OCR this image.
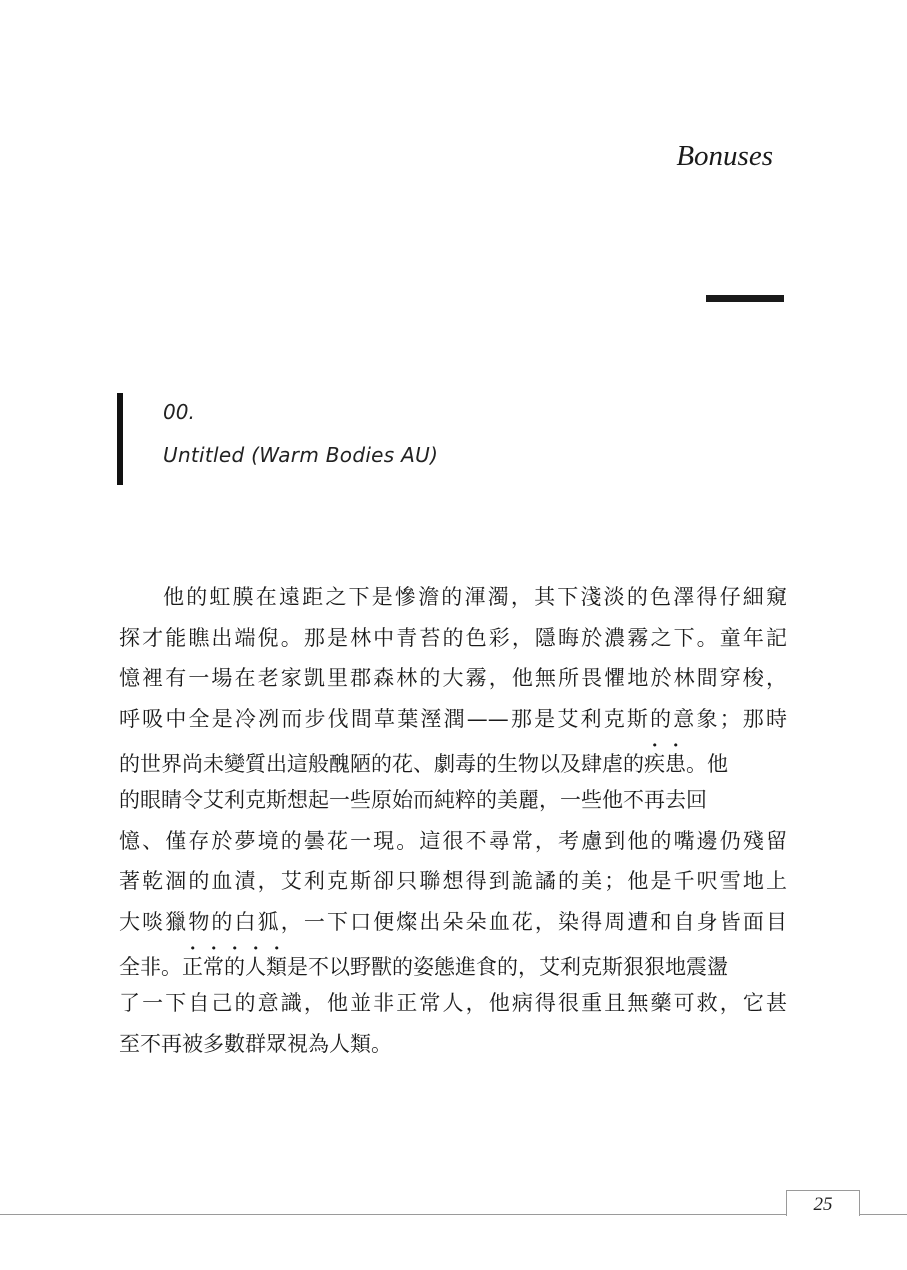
Bonuses

00.

Untitled (Warm Bodies AU)

他的虹膜在遠距之下是慘澹的渾濁，其下淺淡的色澤得仔細窺
探才能瞧出端倪。那是林中青苔的色彩，隱晦於濃霧之下。童年記
憶裡有一場在老家凱里郡森林的大霧，他無所畏懼地於林間穿梭，
呼吸中全是冷冽而步伐間草葉溼潤——那是艾利克斯的意象；那時
的世界尚未變質出這般醜陋的花、劇毒的生物以及肆虐的疾患。他
的眼睛令艾利克斯想起一些原始而純粹的美麗，一些他不再去回
憶、僅存於夢境的曇花一現。這很不尋常，考慮到他的嘴邊仍殘留
著乾涸的血漬，艾利克斯卻只聯想得到詭譎的美；他是千呎雪地上
大啖獵物的白狐，一下口便燦出朵朵血花，染得周遭和自身皆面目
全非。正常的人類是不以野獸的姿態進食的，艾利克斯狠狠地震盪
了一下自己的意識，他並非正常人，他病得很重且無藥可救，它甚
至不再被多數群眾視為人類。
25
